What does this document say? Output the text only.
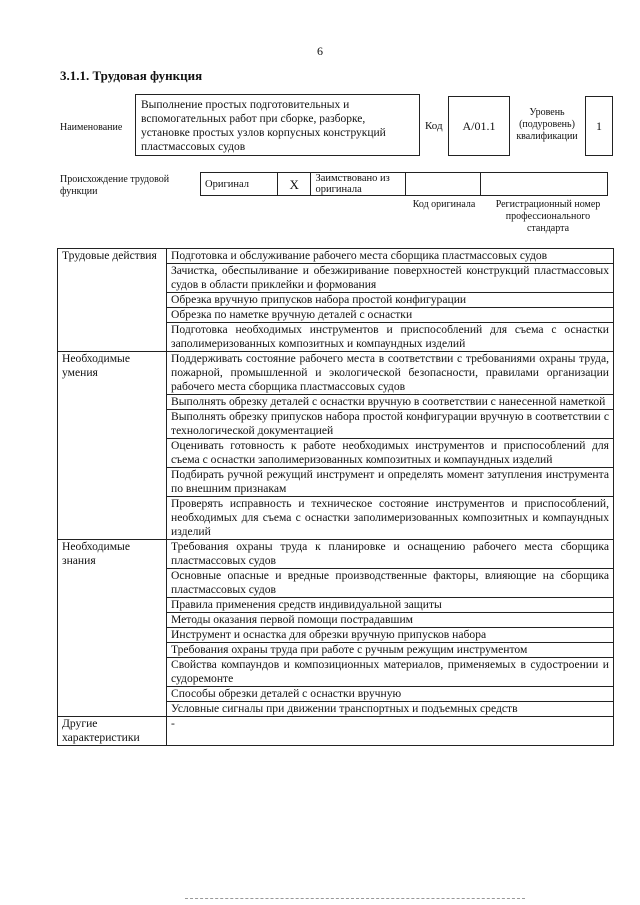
6
3.1.1. Трудовая функция
Наименование
Выполнение простых подготовительных и вспомогательных работ при сборке, разборке, установке простых узлов корпусных конструкций пластмассовых судов
Код A/01.1
Уровень (подуровень) квалификации
1
Происхождение трудовой функции
Оригинал	X	Заимствовано из оригинала		
Код оригинала	Регистрационный номер профессионального стандарта
Трудовые действия	Подготовка и обслуживание рабочего места сборщика пластмассовых судов
	Зачистка, обеспыливание и обезжиривание поверхностей конструкций пластмассовых судов в области приклейки и формования
	Обрезка вручную припусков набора простой конфигурации
	Обрезка по наметке вручную деталей с оснастки
	Подготовка необходимых инструментов и приспособлений для съема с оснастки заполимеризованных композитных и компаундных изделий
Необходимые умения	Поддерживать состояние рабочего места в соответствии с требованиями охраны труда, пожарной, промышленной и экологической безопасности, правилами организации рабочего места сборщика пластмассовых судов
	Выполнять обрезку деталей с оснастки вручную в соответствии с нанесенной наметкой
	Выполнять обрезку припусков набора простой конфигурации вручную в соответствии с технологической документацией
	Оценивать готовность к работе необходимых инструментов и приспособлений для съема с оснастки заполимеризованных композитных и компаундных изделий
	Подбирать ручной режущий инструмент и определять момент затупления инструмента по внешним признакам
	Проверять исправность и техническое состояние инструментов и приспособлений, необходимых для съема с оснастки заполимеризованных композитных и компаундных изделий
Необходимые знания	Требования охраны труда к планировке и оснащению рабочего места сборщика пластмассовых судов
	Основные опасные и вредные производственные факторы, влияющие на сборщика пластмассовых судов
	Правила применения средств индивидуальной защиты
	Методы оказания первой помощи пострадавшим
	Инструмент и оснастка для обрезки вручную припусков набора
	Требования охраны труда при работе с ручным режущим инструментом
	Свойства компаундов и композиционных материалов, применяемых в судостроении и судоремонте
	Способы обрезки деталей с оснастки вручную
	Условные сигналы при движении транспортных и подъемных средств
Другие характеристики	-
